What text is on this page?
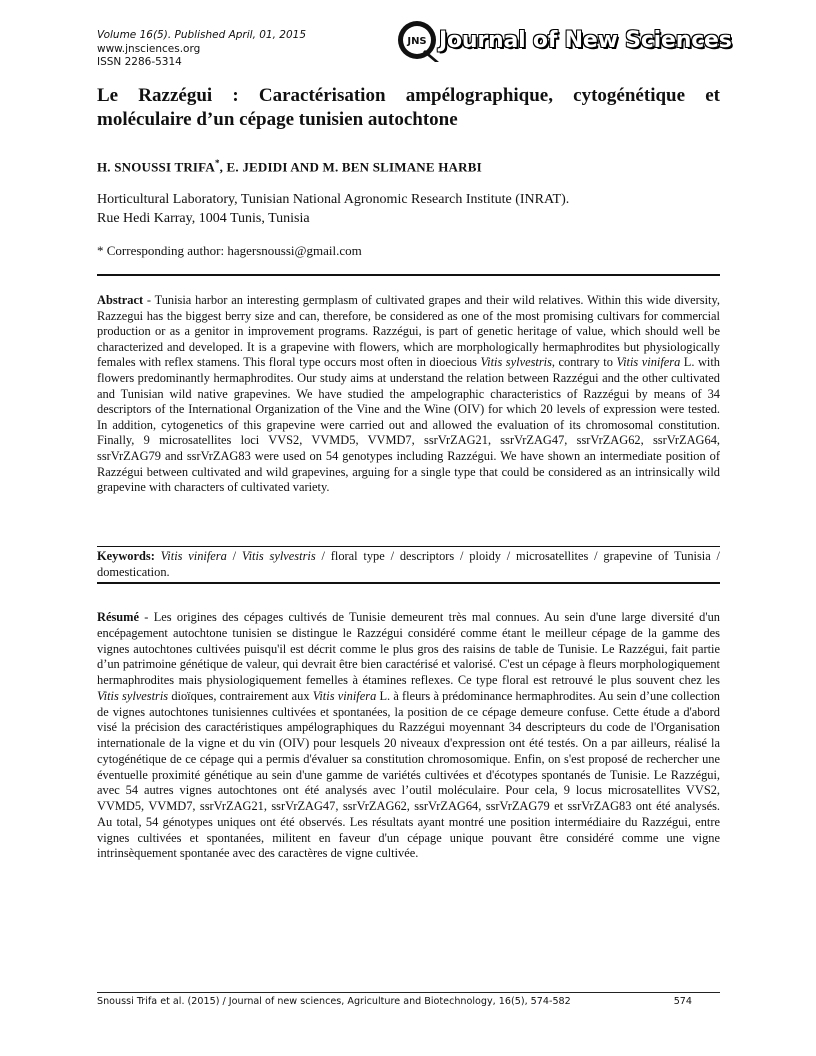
Volume 16(5). Published April, 01, 2015
www.jnsciences.org
ISSN 2286-5314
JNS Journal of New Sciences
Le Razzégui : Caractérisation ampélographique, cytogénétique et moléculaire d’un cépage tunisien autochtone
H. SNOUSSI TRIFA*, E. JEDIDI AND M. BEN SLIMANE HARBI
Horticultural Laboratory, Tunisian National Agronomic Research Institute (INRAT).
Rue Hedi Karray, 1004 Tunis, Tunisia
* Corresponding author: hagersnoussi@gmail.com
Abstract - Tunisia harbor an interesting germplasm of cultivated grapes and their wild relatives. Within this wide diversity, Razzegui has the biggest berry size and can, therefore, be considered as one of the most promising cultivars for commercial production or as a genitor in improvement programs. Razzégui, is part of genetic heritage of value, which should well be characterized and developed. It is a grapevine with flowers, which are morphologically hermaphrodites but physiologically females with reflex stamens. This floral type occurs most often in dioecious Vitis sylvestris, contrary to Vitis vinifera L. with flowers predominantly hermaphrodites. Our study aims at understand the relation between Razzégui and the other cultivated and Tunisian wild native grapevines. We have studied the ampelographic characteristics of Razzégui by means of 34 descriptors of the International Organization of the Vine and the Wine (OIV) for which 20 levels of expression were tested. In addition, cytogenetics of this grapevine were carried out and allowed the evaluation of its chromosomal constitution. Finally, 9 microsatellites loci VVS2, VVMD5, VVMD7, ssrVrZAG21, ssrVrZAG47, ssrVrZAG62, ssrVrZAG64, ssrVrZAG79 and ssrVrZAG83 were used on 54 genotypes including Razzégui. We have shown an intermediate position of Razzégui between cultivated and wild grapevines, arguing for a single type that could be considered as an intrinsically wild grapevine with characters of cultivated variety.
Keywords: Vitis vinifera / Vitis sylvestris / floral type / descriptors / ploidy / microsatellites / grapevine of Tunisia / domestication.
Résumé - Les origines des cépages cultivés de Tunisie demeurent très mal connues. Au sein d'une large diversité d'un encépagement autochtone tunisien se distingue le Razzégui considéré comme étant le meilleur cépage de la gamme des vignes autochtones cultivées puisqu'il est décrit comme le plus gros des raisins de table de Tunisie. Le Razzégui, fait partie d’un patrimoine génétique de valeur, qui devrait être bien caractérisé et valorisé. C'est un cépage à fleurs morphologiquement hermaphrodites mais physiologiquement femelles à étamines reflexes. Ce type floral est retrouvé le plus souvent chez les Vitis sylvestris dioïques, contrairement aux Vitis vinifera L. à fleurs à prédominance hermaphrodites. Au sein d’une collection de vignes autochtones tunisiennes cultivées et spontanées, la position de ce cépage demeure confuse. Cette étude a d'abord visé la précision des caractéristiques ampélographiques du Razzégui moyennant 34 descripteurs du code de l'Organisation internationale de la vigne et du vin (OIV) pour lesquels 20 niveaux d'expression ont été testés. On a par ailleurs, réalisé la cytogénétique de ce cépage qui a permis d'évaluer sa constitution chromosomique. Enfin, on s'est proposé de rechercher une éventuelle proximité génétique au sein d'une gamme de variétés cultivées et d'écotypes spontanés de Tunisie. Le Razzégui, avec 54 autres vignes autochtones ont été analysés avec l’outil moléculaire. Pour cela, 9 locus microsatellites VVS2, VVMD5, VVMD7, ssrVrZAG21, ssrVrZAG47, ssrVrZAG62, ssrVrZAG64, ssrVrZAG79 et ssrVrZAG83 ont été analysés. Au total, 54 génotypes uniques ont été observés. Les résultats ayant montré une position intermédiaire du Razzégui, entre vignes cultivées et spontanées, militent en faveur d'un cépage unique pouvant être considéré comme une vigne intrinsèquement spontanée avec des caractères de vigne cultivée.
Snoussi Trifa et al. (2015) / Journal of new sciences, Agriculture and Biotechnology, 16(5), 574-582	574
